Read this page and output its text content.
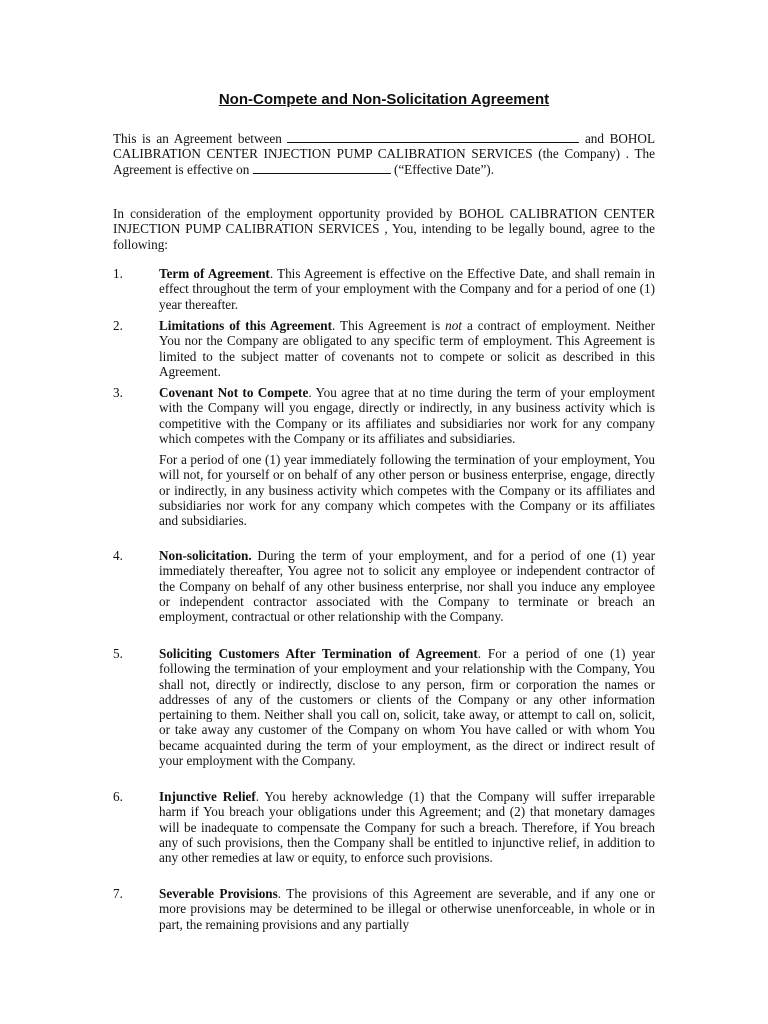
Non-Compete and Non-Solicitation Agreement
This is an Agreement between	and BOHOL CALIBRATION CENTER INJECTION PUMP CALIBRATION SERVICES (the Company) . The Agreement is effective on	(“Effective Date”).
In consideration of the employment opportunity provided by BOHOL CALIBRATION CENTER INJECTION PUMP CALIBRATION SERVICES , You, intending to be legally bound, agree to the following:
1.	Term of Agreement. This Agreement is effective on the Effective Date, and shall remain in effect throughout the term of your employment with the Company and for a period of one (1) year thereafter.
2.	Limitations of this Agreement. This Agreement is not a contract of employment. Neither You nor the Company are obligated to any specific term of employment. This Agreement is limited to the subject matter of covenants not to compete or solicit as described in this Agreement.
3.	Covenant Not to Compete. You agree that at no time during the term of your employment with the Company will you engage, directly or indirectly, in any business activity which is competitive with the Company or its affiliates and subsidiaries nor work for any company which competes with the Company or its affiliates and subsidiaries.

For a period of one (1) year immediately following the termination of your employment, You will not, for yourself or on behalf of any other person or business enterprise, engage, directly or indirectly, in any business activity which competes with the Company or its affiliates and subsidiaries nor work for any company which competes with the Company or its affiliates and subsidiaries.

4.	Non-solicitation. During the term of your employment, and for a period of one (1) year immediately thereafter, You agree not to solicit any employee or independent contractor of the Company on behalf of any other business enterprise, nor shall you induce any employee or independent contractor associated with the Company to terminate or breach an employment, contractual or other relationship with the Company.
5.	Soliciting Customers After Termination of Agreement. For a period of one (1) year following the termination of your employment and your relationship with the Company, You shall not, directly or indirectly, disclose to any person, firm or corporation the names or addresses of any of the customers or clients of the Company or any other information pertaining to them. Neither shall you call on, solicit, take away, or attempt to call on, solicit, or take away any customer of the Company on whom You have called or with whom You became acquainted during the term of your employment, as the direct or indirect result of your employment with the Company.
6.	Injunctive Relief. You hereby acknowledge (1) that the Company will suffer irreparable harm if You breach your obligations under this Agreement; and (2) that monetary damages will be inadequate to compensate the Company for such a breach. Therefore, if You breach any of such provisions, then the Company shall be entitled to injunctive relief, in addition to any other remedies at law or equity, to enforce such provisions.
7.	Severable Provisions. The provisions of this Agreement are severable, and if any one or more provisions may be determined to be illegal or otherwise unenforceable, in whole or in part, the remaining provisions and any partially
